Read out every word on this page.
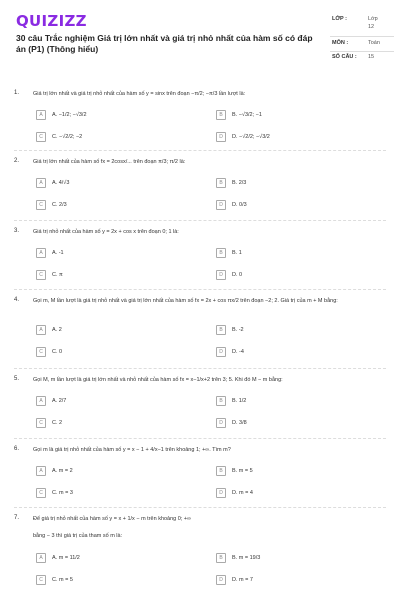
QUIZIZZ
30 câu Trắc nghiệm Giá trị lớn nhất và giá trị nhỏ nhất của hàm số có đáp án (P1) (Thông hiểu)
LỚP :	Lớp
12
MÔN :	Toán
SỐ CÂU : 15
1.	Giá trị lớn nhất và giá trị nhỏ nhất của hàm số y = sinx trên đoạn −π/2; −π/3 lần lượt là:
A	A. −1/2; −√3/2	B	B. −√3/2; −1
C	C. −√2/2; −2	D	D. −√2/2; −√3/2
2.	Giá trị lớn nhất của hàm số fx = 2cosx/... trên đoạn π/3; π/2 là:
A	A. 4/√3	B	B. 2/3
C	C. 2/3	D	D. 0/3
3.	Giá trị nhỏ nhất của hàm số y = 2x + cos x trên đoạn 0; 1 là:
A	A. -1	B	B. 1
C	C. π	D	D. 0
4.	Gọi m, M lần lượt là giá trị nhỏ nhất và giá trị lớn nhất của hàm số fx = 2x + cos πx/2 trên đoạn −2; 2. Giá trị của m + M bằng:
A	A. 2	B	B. -2
C	C. 0	D	D. -4
5.	Gọi M, m lần lượt là giá trị lớn nhất và nhỏ nhất của hàm số fx = x−1/x+2 trên 3; 5. Khi đó M − m bằng:
A	A. 2/7	B	B. 1/2
C	C. 2	D	D. 3/8
6.	Gọi m là giá trị nhỏ nhất của hàm số y = x − 1 + 4/x−1 trên khoảng 1; +∞. Tìm m?
A	A. m = 2	B	B. m = 5
C	C. m = 3	D	D. m = 4
7.	Để giá trị nhỏ nhất của hàm số y = x + 1/x − m trên khoảng 0; +∞
bằng − 3 thì giá trị của tham số m là:
A	A. m = 11/2	B	B. m = 19/3
C	C. m = 5	D	D. m = 7
